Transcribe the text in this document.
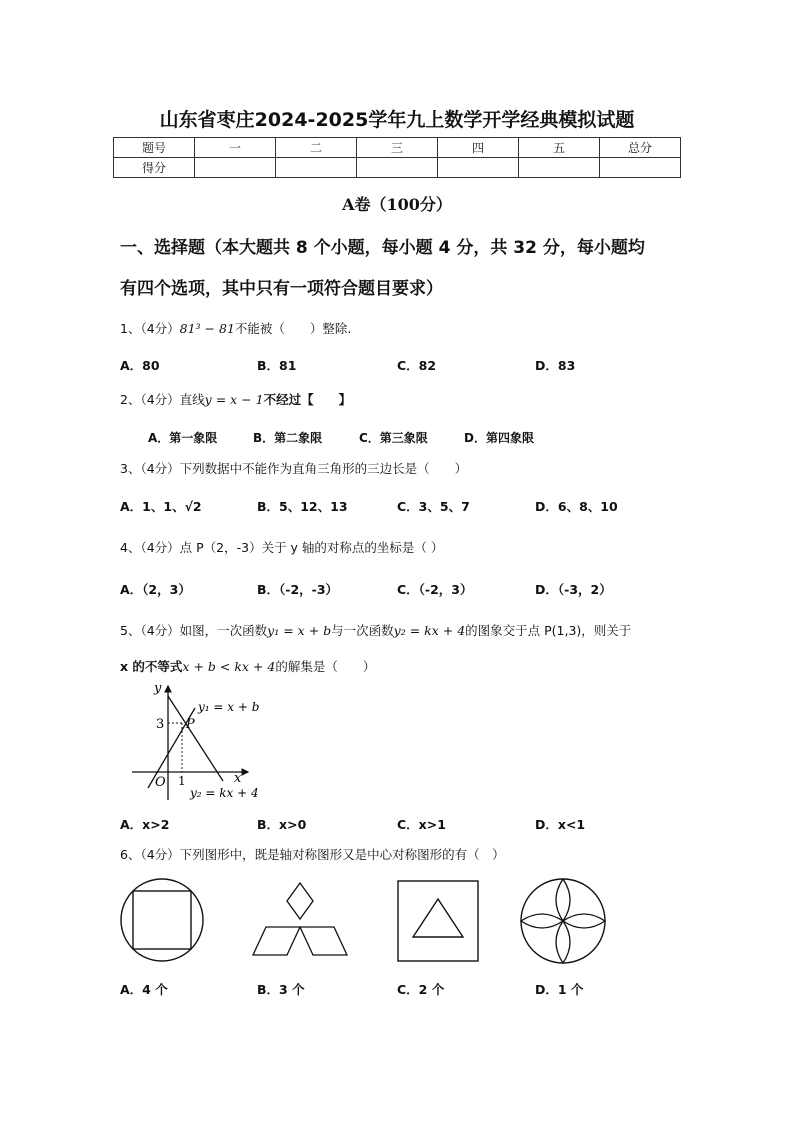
山东省枣庄2024-2025学年九上数学开学经典模拟试题
题号	一	二	三	四	五	总分
得分						
A卷（100分）
一、选择题（本大题共 8 个小题，每小题 4 分，共 32 分，每小题均
有四个选项，其中只有一项符合题目要求）
1、（4分）81³ − 81不能被（　　）整除.
A．80	B．81	C．82	D．83
2、（4分）直线y = x − 1不经过【　　】
A．第一象限	B．第二象限	C．第三象限	D．第四象限
3、（4分）下列数据中不能作为直角三角形的三边长是（　　）
A．1、1、√2	B．5、12、13	C．3、5、7	D．6、8、10
4、（4分）点 P（2，-3）关于 y 轴的对称点的坐标是（ ）
A．（2，3）	B．（-2，-3）	C．（-2，3）	D．（-3，2）
5、（4分）如图，一次函数y₁ = x + b与一次函数y₂ = kx + 4的图象交于点 P(1,3)，则关于
x 的不等式x + b < kx + 4的解集是（　　）
y
x
O 1
3 P
y₁ = x + b
y₂ = kx + 4
A．x>2	B．x>0	C．x>1	D．x<1
6、（4分）下列图形中，既是轴对称图形又是中心对称图形的有（　）
A．4 个	B．3 个	C．2 个	D．1 个
